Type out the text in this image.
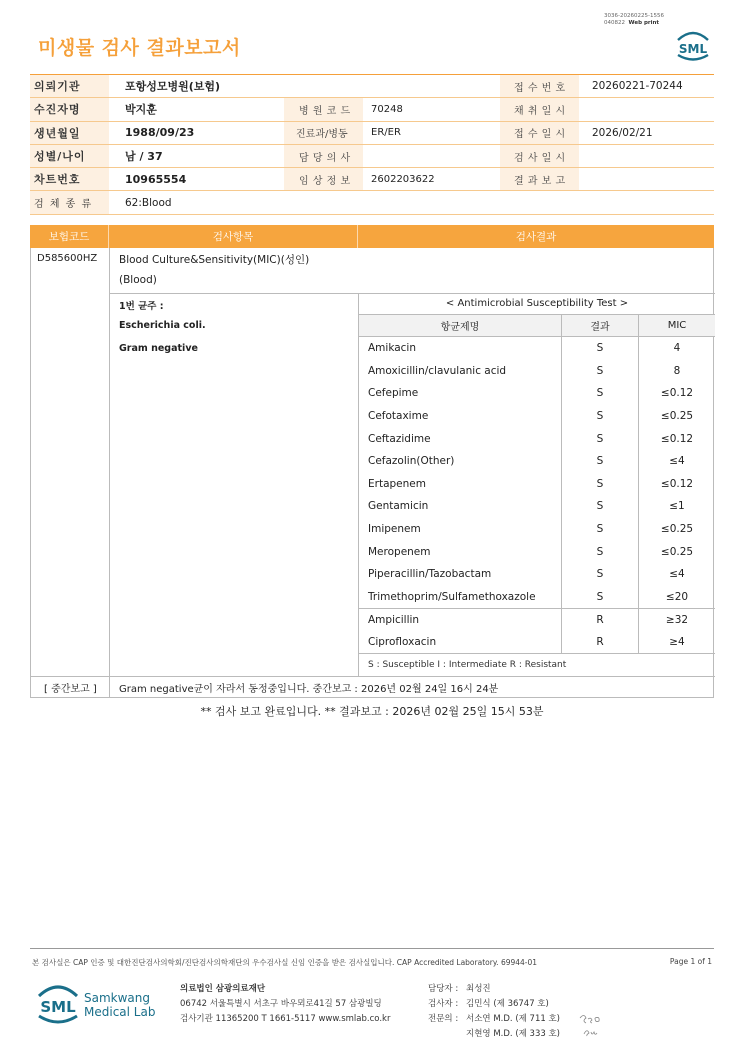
3036-20260225-1556
040822 Web print
미생물 검사 결과보고서	SML
의뢰기관	포항성모병원(보험)	접 수 번 호	20260221-70244
수진자명	박지훈	병 원 코 드	70248	채 취 일 시
생년월일	1988/09/23	진료과/병동	ER/ER	접 수 일 시	2026/02/21
성별/나이	남 / 37	담 당 의 사	검 사 일 시
차트번호	10965554	임 상 정 보	2602203622	결 과 보 고
검 체 종 류	62:Blood
보험코드	검사항목	검사결과
D585600HZ Blood Culture&Sensitivity(MIC)(성인)
(Blood)
1번 균주 :
Escherichia coli.
Gram negative
< Antimicrobial Susceptibility Test >
항균제명	결과	MIC
Amikacin	S	4
Amoxicillin/clavulanic acid	S	8
Cefepime	S	≤0.12
Cefotaxime	S	≤0.25
Ceftazidime	S	≤0.12
Cefazolin(Other)	S	≤4
Ertapenem	S	≤0.12
Gentamicin	S	≤1
Imipenem	S	≤0.25
Meropenem	S	≤0.25
Piperacillin/Tazobactam	S	≤4
Trimethoprim/Sulfamethoxazole	S	≤20
Ampicillin	R	≥32
Ciprofloxacin	R	≥4
S : Susceptible I : Intermediate R : Resistant
[ 중간보고 ] Gram negative균이 자라서 동정중입니다. 중간보고 : 2026년 02월 24일 16시 24분
** 검사 보고 완료입니다. ** 결과보고 : 2026년 02월 25일 15시 53분
본 검사실은 CAP 인증 및 대한진단검사의학회/진단검사의학재단의 우수검사실 신임 인증을 받은 검사실입니다. CAP Accredited Laboratory. 69944-01	Page 1 of 1
SML Samkwang
Medical Lab
의료법인 삼광의료재단
06742 서울특별시 서초구 바우뫼로41길 57 삼광빌딩
검사기관 11365200 T 1661-5117 www.smlab.co.kr
담당자 : 최성진
검사자 : 김민식 (제 36747 호)
전문의 : 서소연 M.D. (제 711 호)
지현영 M.D. (제 333 호)
